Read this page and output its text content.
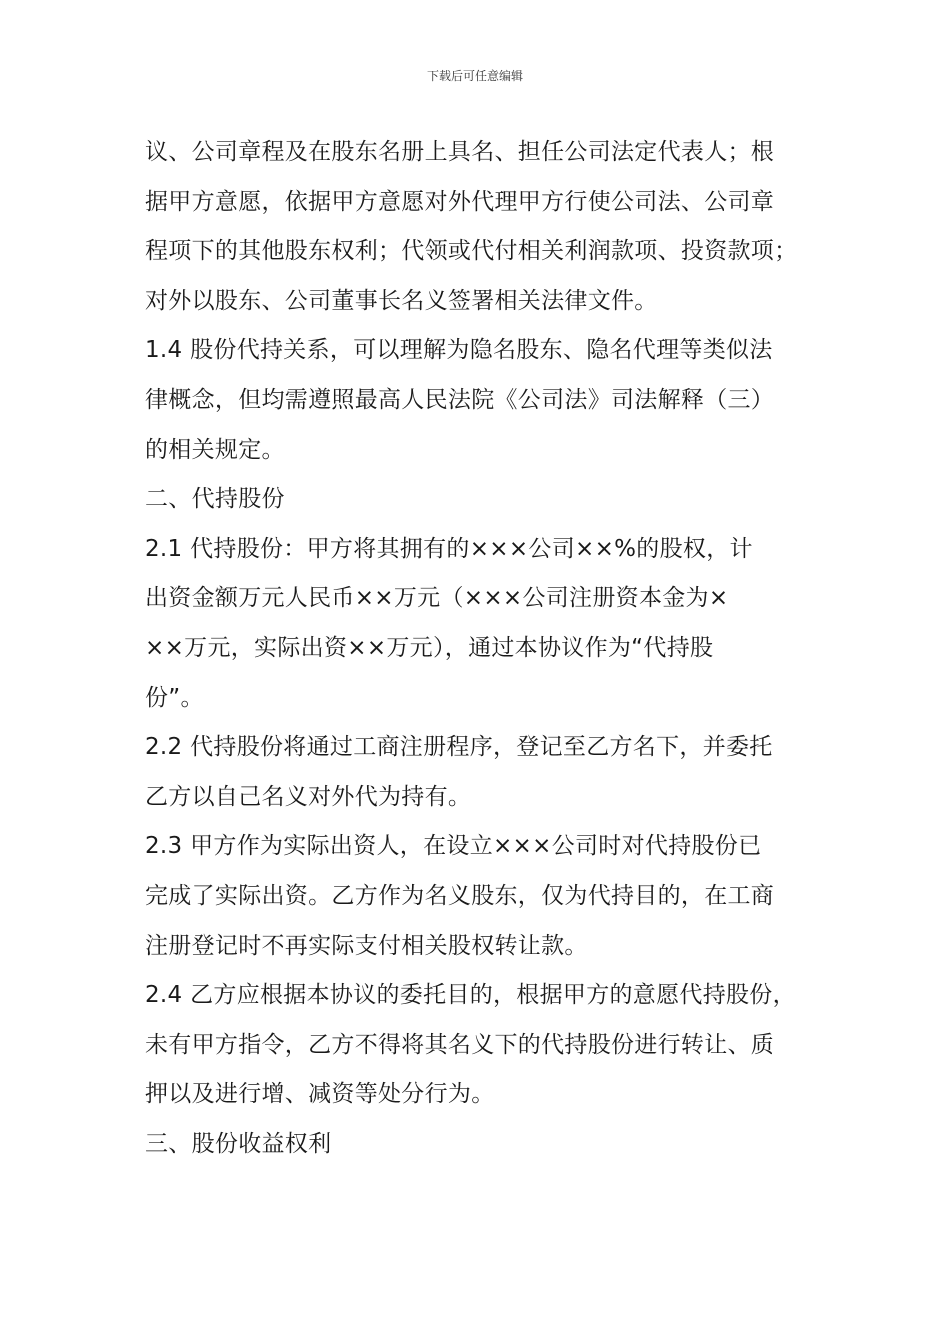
下载后可任意编辑
议、公司章程及在股东名册上具名、担任公司法定代表人；根
据甲方意愿，依据甲方意愿对外代理甲方行使公司法、公司章
程项下的其他股东权利；代领或代付相关利润款项、投资款项；
对外以股东、公司董事长名义签署相关法律文件。
1.4 股份代持关系，可以理解为隐名股东、隐名代理等类似法
律概念，但均需遵照最高人民法院《公司法》司法解释（三）
的相关规定。
二、代持股份
2.1 代持股份：甲方将其拥有的×××公司××%的股权，计
出资金额万元人民币××万元（×××公司注册资本金为×
××万元，实际出资××万元），通过本协议作为“代持股
份”。
2.2 代持股份将通过工商注册程序，登记至乙方名下，并委托
乙方以自己名义对外代为持有。
2.3 甲方作为实际出资人，在设立×××公司时对代持股份已
完成了实际出资。乙方作为名义股东，仅为代持目的，在工商
注册登记时不再实际支付相关股权转让款。
2.4 乙方应根据本协议的委托目的，根据甲方的意愿代持股份，
未有甲方指令，乙方不得将其名义下的代持股份进行转让、质
押以及进行增、减资等处分行为。
三、股份收益权利
